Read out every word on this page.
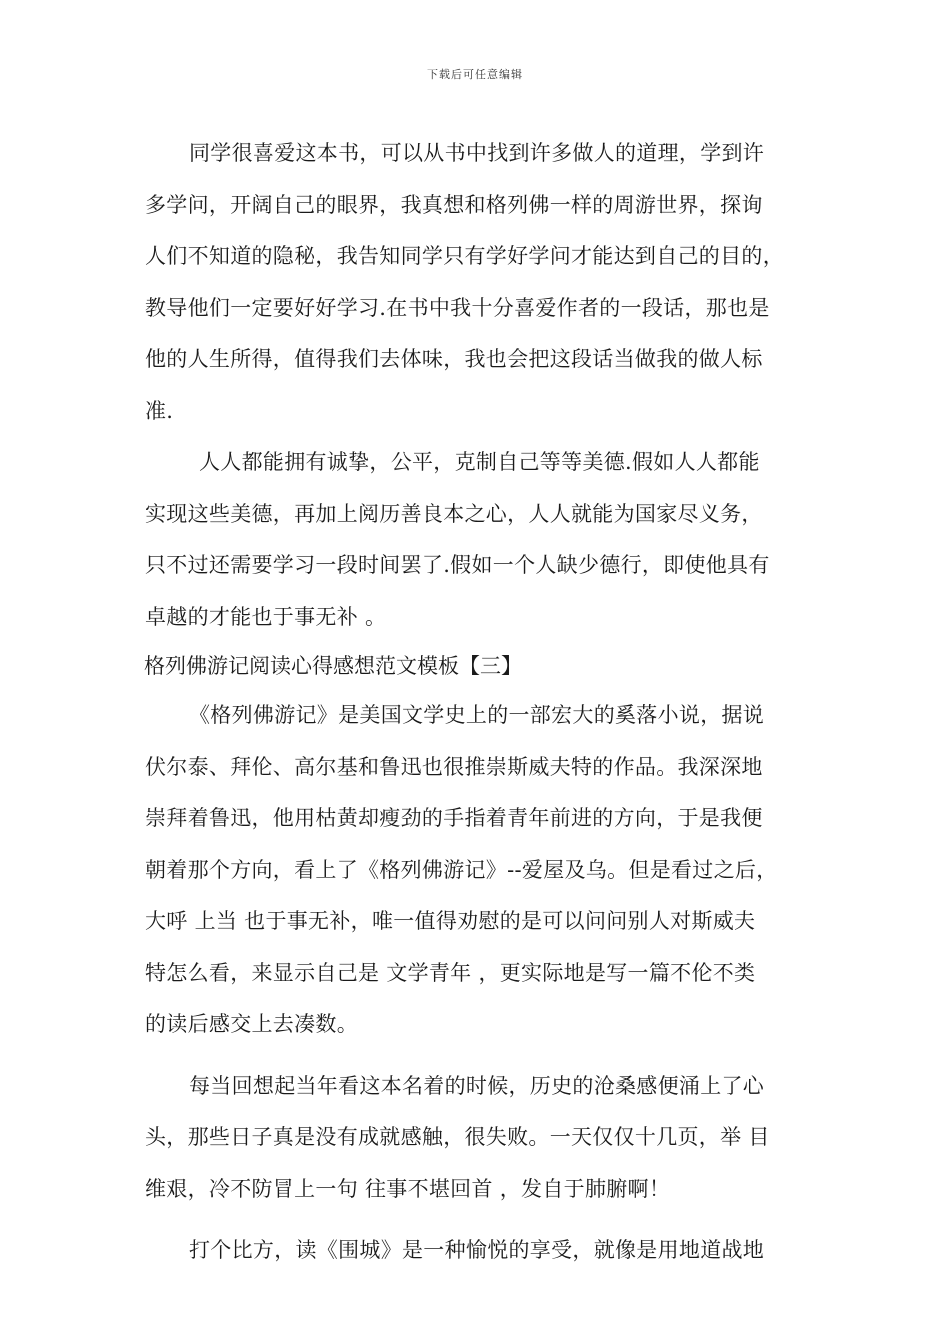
下载后可任意编辑
同学很喜爱这本书，可以从书中找到许多做人的道理，学到许
多学问，开阔自己的眼界，我真想和格列佛一样的周游世界，探询
人们不知道的隐秘，我告知同学只有学好学问才能达到自己的目的，
教导他们一定要好好学习.在书中我十分喜爱作者的一段话，那也是
他的人生所得，值得我们去体味，我也会把这段话当做我的做人标
准.
人人都能拥有诚挚，公平，克制自己等等美德.假如人人都能
实现这些美德，再加上阅历善良本之心，人人就能为国家尽义务，
只不过还需要学习一段时间罢了.假如一个人缺少德行，即使他具有
卓越的才能也于事无补 。
格列佛游记阅读心得感想范文模板【三】
《格列佛游记》是美国文学史上的一部宏大的奚落小说，据说
伏尔泰、拜伦、高尔基和鲁迅也很推崇斯威夫特的作品。我深深地
崇拜着鲁迅，他用枯黄却瘦劲的手指着青年前进的方向，于是我便
朝着那个方向，看上了《格列佛游记》--爱屋及乌。但是看过之后，
大呼 上当 也于事无补，唯一值得劝慰的是可以问问别人对斯威夫
特怎么看，来显示自己是 文学青年 ，更实际地是写一篇不伦不类
的读后感交上去凑数。
每当回想起当年看这本名着的时候，历史的沧桑感便涌上了心
头，那些日子真是没有成就感触，很失败。一天仅仅十几页，举 目
维艰，冷不防冒上一句 往事不堪回首 ，发自于肺腑啊！
打个比方，读《围城》是一种愉悦的享受，就像是用地道战地
